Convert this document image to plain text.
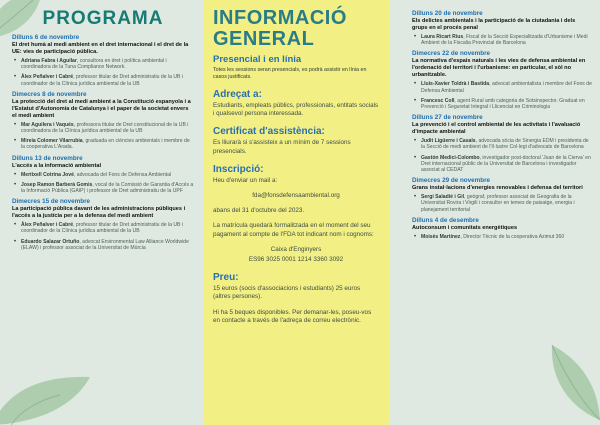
PROGRAMA
Dilluns 6 de novembre
El dret humà al medi ambient en el dret internacional i el dret de la UE: vies de participació pública.
• Adriana Fabra i Aguilar, consultora en dret i política ambiental i coordinadora de la Tuna Compliance Network.
• Àlex Peñalver i Cabré, professor titular de Dret administratiu de la UB i coordinador de la Clínica jurídica ambiental de la UB
Dimecres 8 de novembre
La protecció del dret al medi ambient a la Constitució espanyola i a l'Estatut d'Autonomia de Catalunya i el paper de la societat envers el medi ambient
• Mar Aguilera i Vaqués, professora titular de Dret constitucional de la UB i coordinadora de la Clínica jurídica ambiental de la UB
• Mireia Colomer Vilarrubia, graduada en ciències ambientals i membre de la cooperativa L'Arada.
Dilluns 13 de novembre
L'accés a la informació ambiental
• Meritxell Cotrina Jové, advocada del Fons de Defensa Ambiental
• Josep Ramon Barberà Gomis, vocal de la Comissió de Garantia d'Accés a la Informació Pública (GAIP) i professor de Dret administratiu de la UPF
Dimecres 15 de novembre
La participació pública davant de les administracions públiques i l'accés a la justícia per a la defensa del medi ambient
• Àlex Peñalver i Cabré, professor titular de Dret administratiu de la UB i coordinador de la Clínica jurídica ambiental de la UB
• Eduardo Salazar Ortuño, advocat Environmental Law Alliance Worldwide (ELAW) i professor associat de la Universitat de Múrcia
INFORMACIÓ
GENERAL
Presencial i en línia
Totes les sessions seran presencials, es podrà assistir en línia en casos justificats.
Adreçat a:
Estudiants, empleats públics, professionals, entitats socials i qualsevol persona interessada.
Certificat d'assistència:
Es lliurarà si s'assisteix a un mínim de 7 sessions presencials.
Inscripció:
Heu d'enviar un mail a:
fda@fonsdefensaambiental.org
abans del 31 d'octubre del 2023.
La matrícula quedarà formalitzada en el moment del seu pagament al compte de l'FDA tot indicant nom i cognoms:
Caixa d'Enginyers
ES96 3025 0001 1214 3360 3092
Preu:
15 euros (socis d'associacions i estudiants) 25 euros (altres persones).
Hi ha 5 beques disponibles. Per demanar-les, poseu-vos en contacte a través de l'adreça de correu electrònic.
Dilluns 20 de novembre
Els delictes ambientals i la participació de la ciutadania i dels grups en el procés penal
• Laura Ricart Rius, Fiscal de la Secció Especialitzada d'Urbanisme i Medi Ambient de la Fiscalia Provincial de Barcelona
Dimecres 22 de novembre
La normativa d'espais naturals i les vies de defensa ambiental en l'ordenació del territori i l'urbanisme: en particular, el sòl no urbanitzable.
• Lluís-Xavier Toldrà i Bastida, advocat ambientalista i membre del Fons de Defensa Ambiental
• Francesc Coll, agent Rural amb categoria de Sotsinspector. Graduat en Prevenció i Seguretat Integral i Llicenciat en Criminologia
Dilluns 27 de novembre
La prevenció i el control ambiental de les activitats i l'avaluació d'impacte ambiental
• Judit Ligüerre i Casals, advocada sòcia de Sinergia EDM i presidenta de la Secció de medi ambient de l'Il·lustre Col·legi d'advocats de Barcelona
• Gastón Medici-Colombo, investigador post-doctoral 'Juan de la Cierva' en Dret internacional públic de la Universitat de Barcelona i investigador associat al CEDAT
Dimecres 29 de novembre
Grans instal·lacions d'energies renovables i defensa del territori
• Sergi Saladié i Gil, geògraf, professor associat de Geografia de la Universitat Rovira i Virgili i consultor en temes de paisatge, energia i planejament territorial
Dilluns 4 de desembre
Autoconsum i comunitats energètiques
• Moisès Martínez, Director Tècnic de la cooperativa Azimut 360
